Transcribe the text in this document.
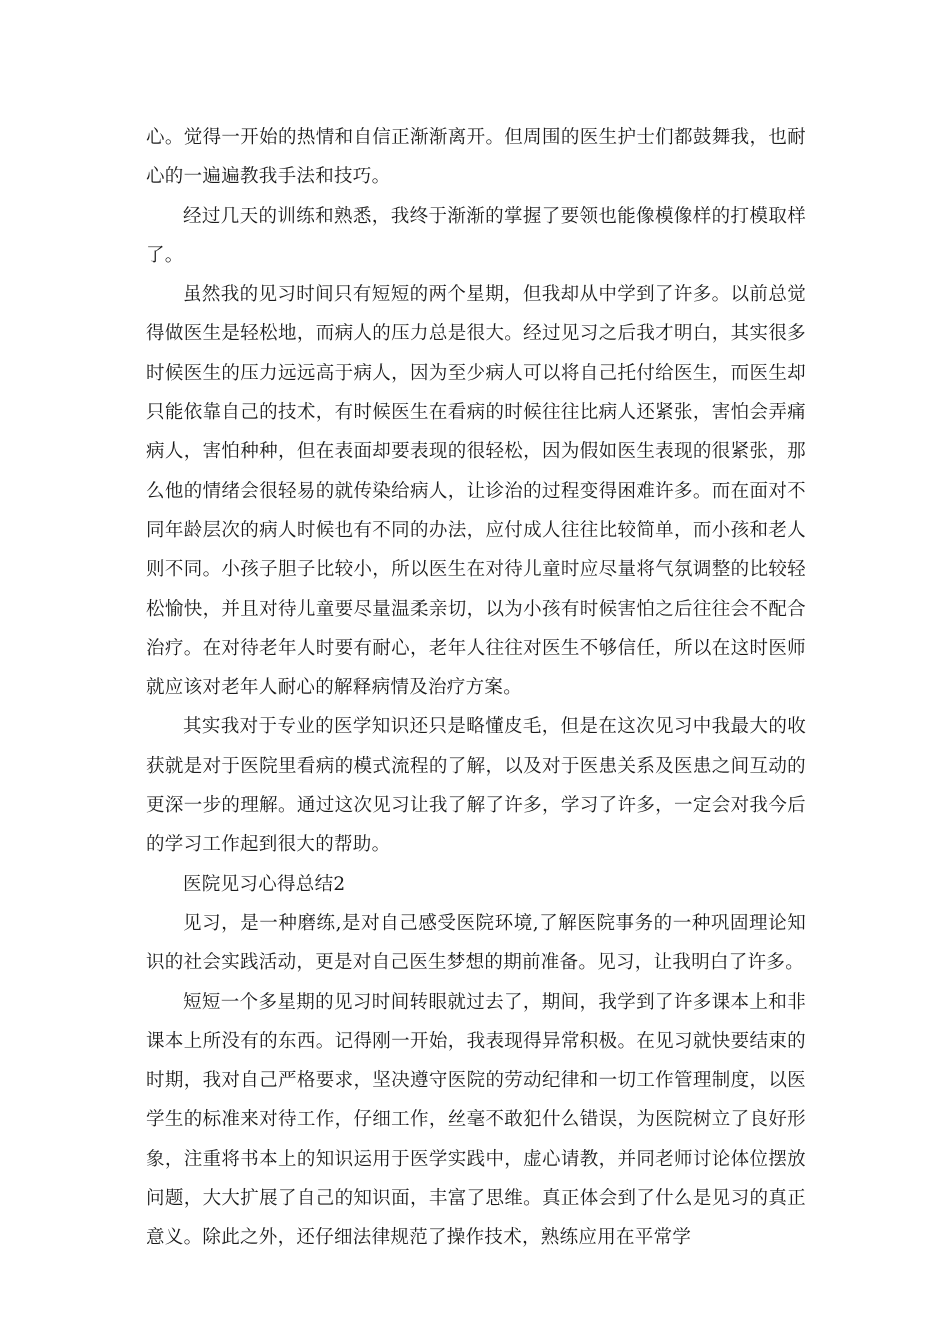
心。觉得一开始的热情和自信正渐渐离开。但周围的医生护士们都鼓舞我，也耐心的一遍遍教我手法和技巧。

经过几天的训练和熟悉，我终于渐渐的掌握了要领也能像模像样的打模取样了。

虽然我的见习时间只有短短的两个星期，但我却从中学到了许多。以前总觉得做医生是轻松地，而病人的压力总是很大。经过见习之后我才明白，其实很多时候医生的压力远远高于病人，因为至少病人可以将自己托付给医生，而医生却只能依靠自己的技术，有时候医生在看病的时候往往比病人还紧张，害怕会弄痛病人，害怕种种，但在表面却要表现的很轻松，因为假如医生表现的很紧张，那么他的情绪会很轻易的就传染给病人，让诊治的过程变得困难许多。而在面对不同年龄层次的病人时候也有不同的办法，应付成人往往比较简单，而小孩和老人则不同。小孩子胆子比较小，所以医生在对待儿童时应尽量将气氛调整的比较轻松愉快，并且对待儿童要尽量温柔亲切，以为小孩有时候害怕之后往往会不配合治疗。在对待老年人时要有耐心，老年人往往对医生不够信任，所以在这时医师就应该对老年人耐心的解释病情及治疗方案。

其实我对于专业的医学知识还只是略懂皮毛，但是在这次见习中我最大的收获就是对于医院里看病的模式流程的了解，以及对于医患关系及医患之间互动的更深一步的理解。通过这次见习让我了解了许多，学习了许多，一定会对我今后的学习工作起到很大的帮助。

医院见习心得总结2

见习，是一种磨练,是对自己感受医院环境,了解医院事务的一种巩固理论知识的社会实践活动，更是对自己医生梦想的期前准备。见习，让我明白了许多。

短短一个多星期的见习时间转眼就过去了，期间，我学到了许多课本上和非课本上所没有的东西。记得刚一开始，我表现得异常积极。在见习就快要结束的时期，我对自己严格要求，坚决遵守医院的劳动纪律和一切工作管理制度，以医学生的标准来对待工作，仔细工作，丝毫不敢犯什么错误，为医院树立了良好形象，注重将书本上的知识运用于医学实践中，虚心请教，并同老师讨论体位摆放问题，大大扩展了自己的知识面，丰富了思维。真正体会到了什么是见习的真正意义。除此之外，还仔细法律规范了操作技术，熟练应用在平常学
